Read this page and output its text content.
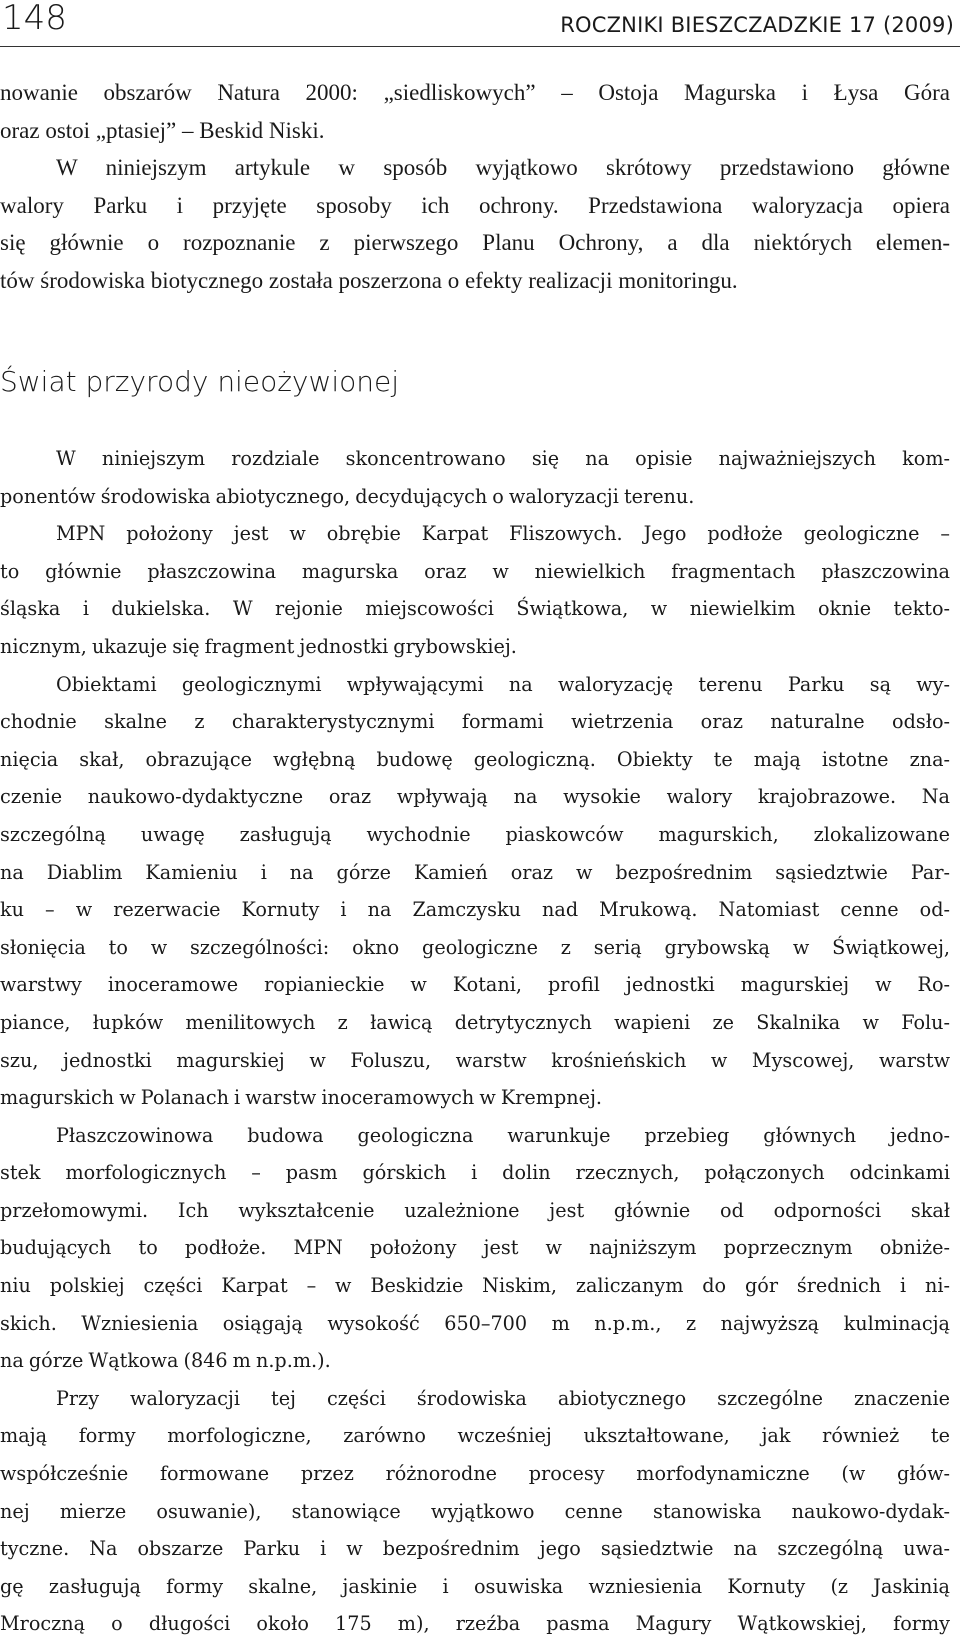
148	ROCZNIKI BIESZCZADZKIE 17 (2009)
nowanie obszarów Natura 2000: „siedliskowych” – Ostoja Magurska i Łysa Góra
oraz ostoi „ptasiej” – Beskid Niski.
W niniejszym artykule w sposób wyjątkowo skrótowy przedstawiono główne
walory Parku i przyjęte sposoby ich ochrony. Przedstawiona waloryzacja opiera
się głównie o rozpoznanie z pierwszego Planu Ochrony, a dla niektórych elemen-
tów środowiska biotycznego została poszerzona o efekty realizacji monitoringu.
Świat przyrody nieożywionej
W niniejszym rozdziale skoncentrowano się na opisie najważniejszych kom-
ponentów środowiska abiotycznego, decydujących o waloryzacji terenu.
MPN położony jest w obrębie Karpat Fliszowych. Jego podłoże geologiczne –
to głównie płaszczowina magurska oraz w niewielkich fragmentach płaszczowina
śląska i dukielska. W rejonie miejscowości Świątkowa, w niewielkim oknie tekto-
nicznym, ukazuje się fragment jednostki grybowskiej.
Obiektami geologicznymi wpływającymi na waloryzację terenu Parku są wy-
chodnie skalne z charakterystycznymi formami wietrzenia oraz naturalne odsło-
nięcia skał, obrazujące wgłębną budowę geologiczną. Obiekty te mają istotne zna-
czenie naukowo-dydaktyczne oraz wpływają na wysokie walory krajobrazowe. Na
szczególną uwagę zasługują wychodnie piaskowców magurskich, zlokalizowane
na Diablim Kamieniu i na górze Kamień oraz w bezpośrednim sąsiedztwie Par-
ku – w rezerwacie Kornuty i na Zamczysku nad Mrukową. Natomiast cenne od-
słonięcia to w szczególności: okno geologiczne z serią grybowską w Świątkowej,
warstwy inoceramowe ropianieckie w Kotani, profil jednostki magurskiej w Ro-
piance, łupków menilitowych z ławicą detrytycznych wapieni ze Skalnika w Folu-
szu, jednostki magurskiej w Foluszu, warstw krośnieńskich w Myscowej, warstw
magurskich w Polanach i warstw inoceramowych w Krempnej.
Płaszczowinowa budowa geologiczna warunkuje przebieg głównych jedno-
stek morfologicznych – pasm górskich i dolin rzecznych, połączonych odcinkami
przełomowymi. Ich wykształcenie uzależnione jest głównie od odporności skał
budujących to podłoże. MPN położony jest w najniższym poprzecznym obniże-
niu polskiej części Karpat – w Beskidzie Niskim, zaliczanym do gór średnich i ni-
skich. Wzniesienia osiągają wysokość 650–700 m n.p.m., z najwyższą kulminacją
na górze Wątkowa (846 m n.p.m.).
Przy waloryzacji tej części środowiska abiotycznego szczególne znaczenie
mają formy morfologiczne, zarówno wcześniej ukształtowane, jak również te
współcześnie formowane przez różnorodne procesy morfodynamiczne (w głów-
nej mierze osuwanie), stanowiące wyjątkowo cenne stanowiska naukowo-dydak-
tyczne. Na obszarze Parku i w bezpośrednim jego sąsiedztwie na szczególną uwa-
gę zasługują formy skalne, jaskinie i osuwiska wzniesienia Kornuty (z Jaskinią
Mroczną o długości około 175 m), rzeźba pasma Magury Wątkowskiej, formy
